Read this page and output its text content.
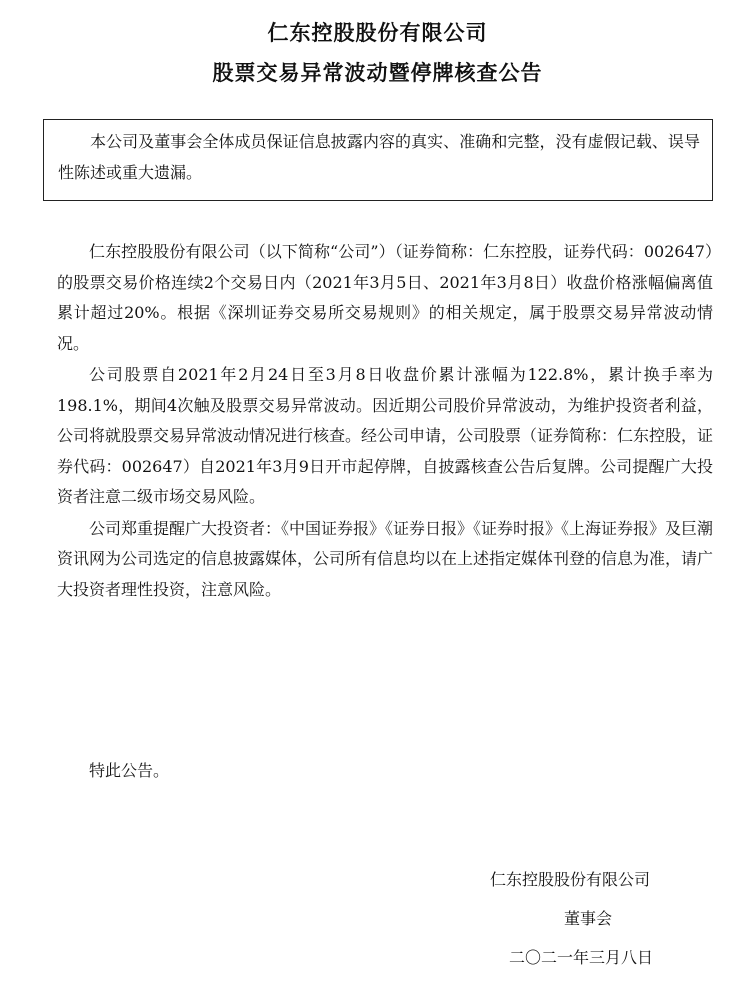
仁东控股股份有限公司
股票交易异常波动暨停牌核查公告

本公司及董事会全体成员保证信息披露内容的真实、准确和完整，没有虚假记载、误导性陈述或重大遗漏。

仁东控股股份有限公司（以下简称“公司”）（证券简称：仁东控股，证券代码：002647）的股票交易价格连续2个交易日内（2021年3月5日、2021年3月8日）收盘价格涨幅偏离值累计超过20%。根据《深圳证券交易所交易规则》的相关规定，属于股票交易异常波动情况。

公司股票自2021年2月24日至3月8日收盘价累计涨幅为122.8%，累计换手率为198.1%，期间4次触及股票交易异常波动。因近期公司股价异常波动，为维护投资者利益，公司将就股票交易异常波动情况进行核查。经公司申请，公司股票（证券简称：仁东控股，证券代码：002647）自2021年3月9日开市起停牌，自披露核查公告后复牌。公司提醒广大投资者注意二级市场交易风险。

公司郑重提醒广大投资者：《中国证券报》《证券日报》《证券时报》《上海证券报》及巨潮资讯网为公司选定的信息披露媒体，公司所有信息均以在上述指定媒体刊登的信息为准，请广大投资者理性投资，注意风险。

特此公告。
仁东控股股份有限公司
董事会
二〇二一年三月八日
